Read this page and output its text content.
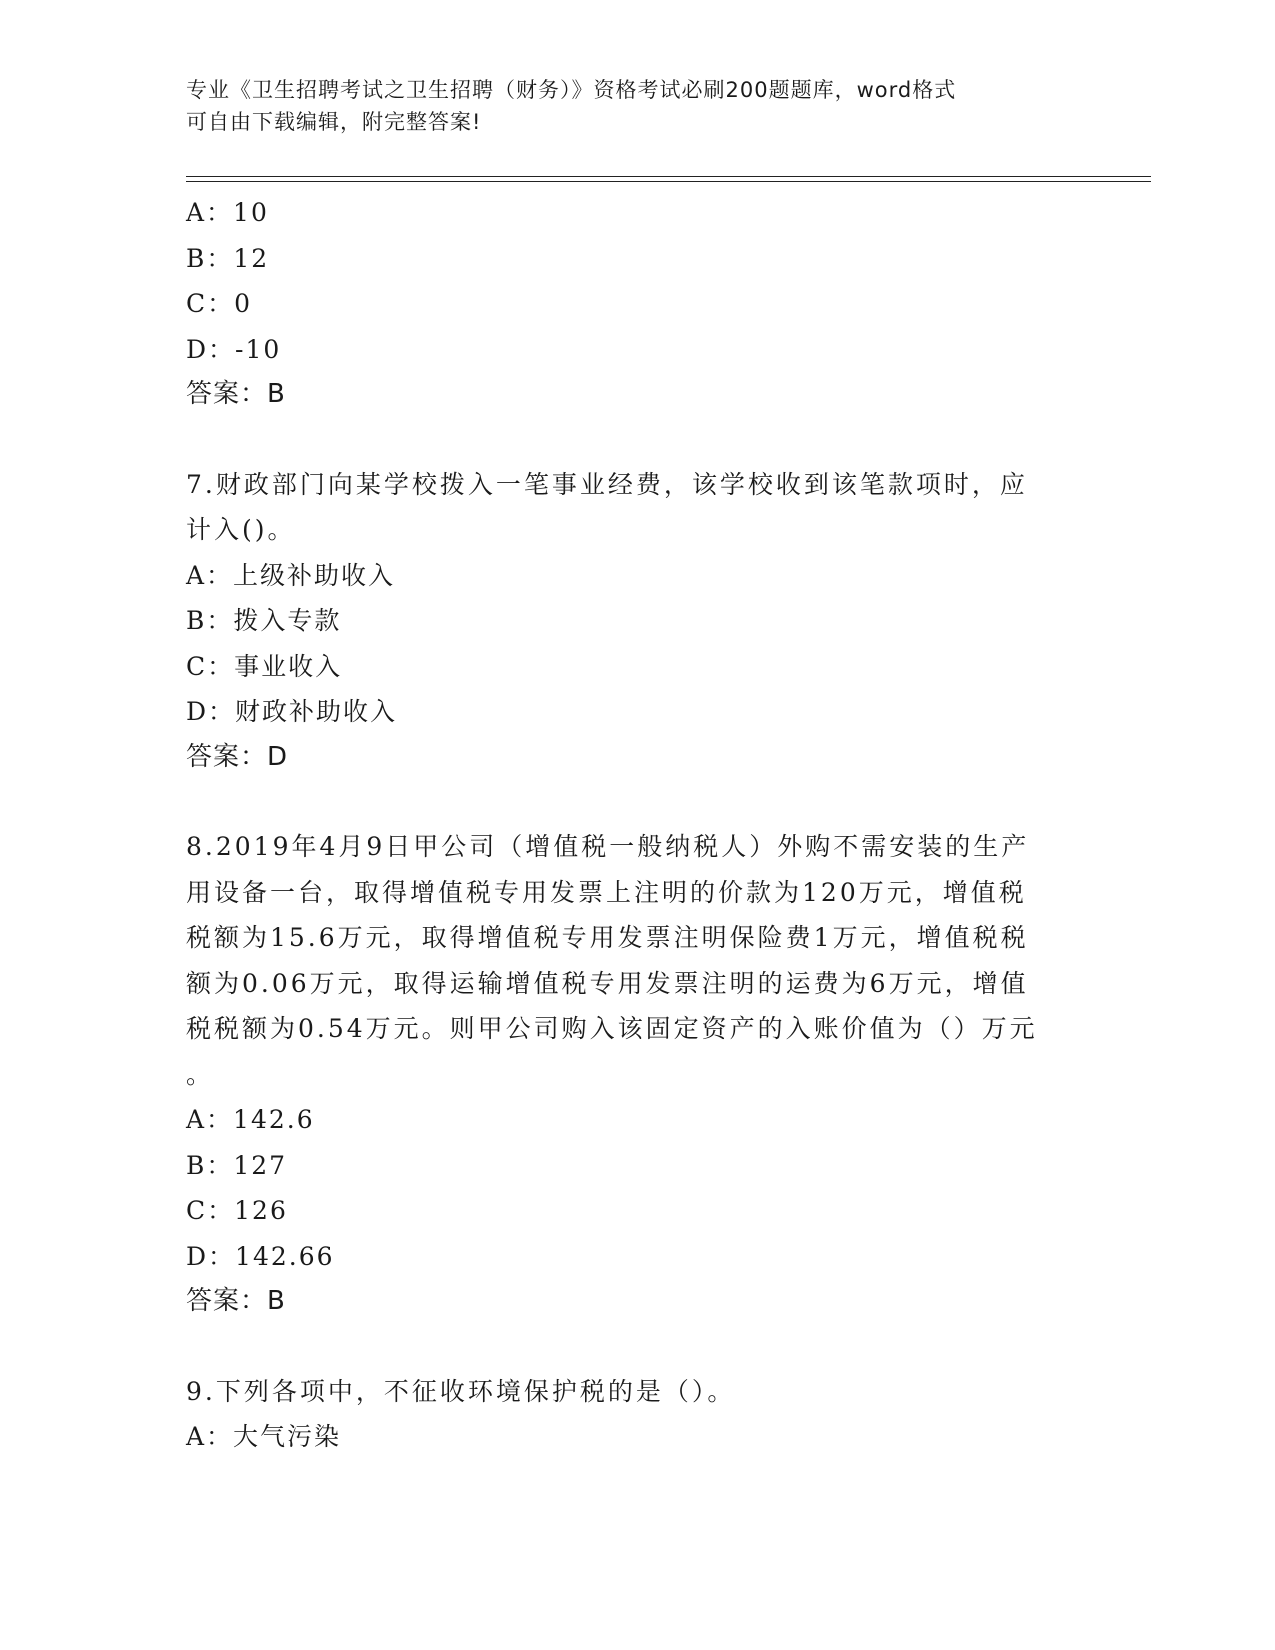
专业《卫生招聘考试之卫生招聘（财务）》资格考试必刷200题题库，word格式
可自由下载编辑，附完整答案!
A：10
B：12
C：0
D：-10
答案：B
7.财政部门向某学校拨入一笔事业经费，该学校收到该笔款项时，应
计入()。
A：上级补助收入
B：拨入专款
C：事业收入
D：财政补助收入
答案：D
8.2019年4月9日甲公司（增值税一般纳税人）外购不需安装的生产
用设备一台，取得增值税专用发票上注明的价款为120万元，增值税
税额为15.6万元，取得增值税专用发票注明保险费1万元，增值税税
额为0.06万元，取得运输增值税专用发票注明的运费为6万元，增值
税税额为0.54万元。则甲公司购入该固定资产的入账价值为（）万元
。
A：142.6
B：127
C：126
D：142.66
答案：B
9.下列各项中，不征收环境保护税的是（）。
A：大气污染
